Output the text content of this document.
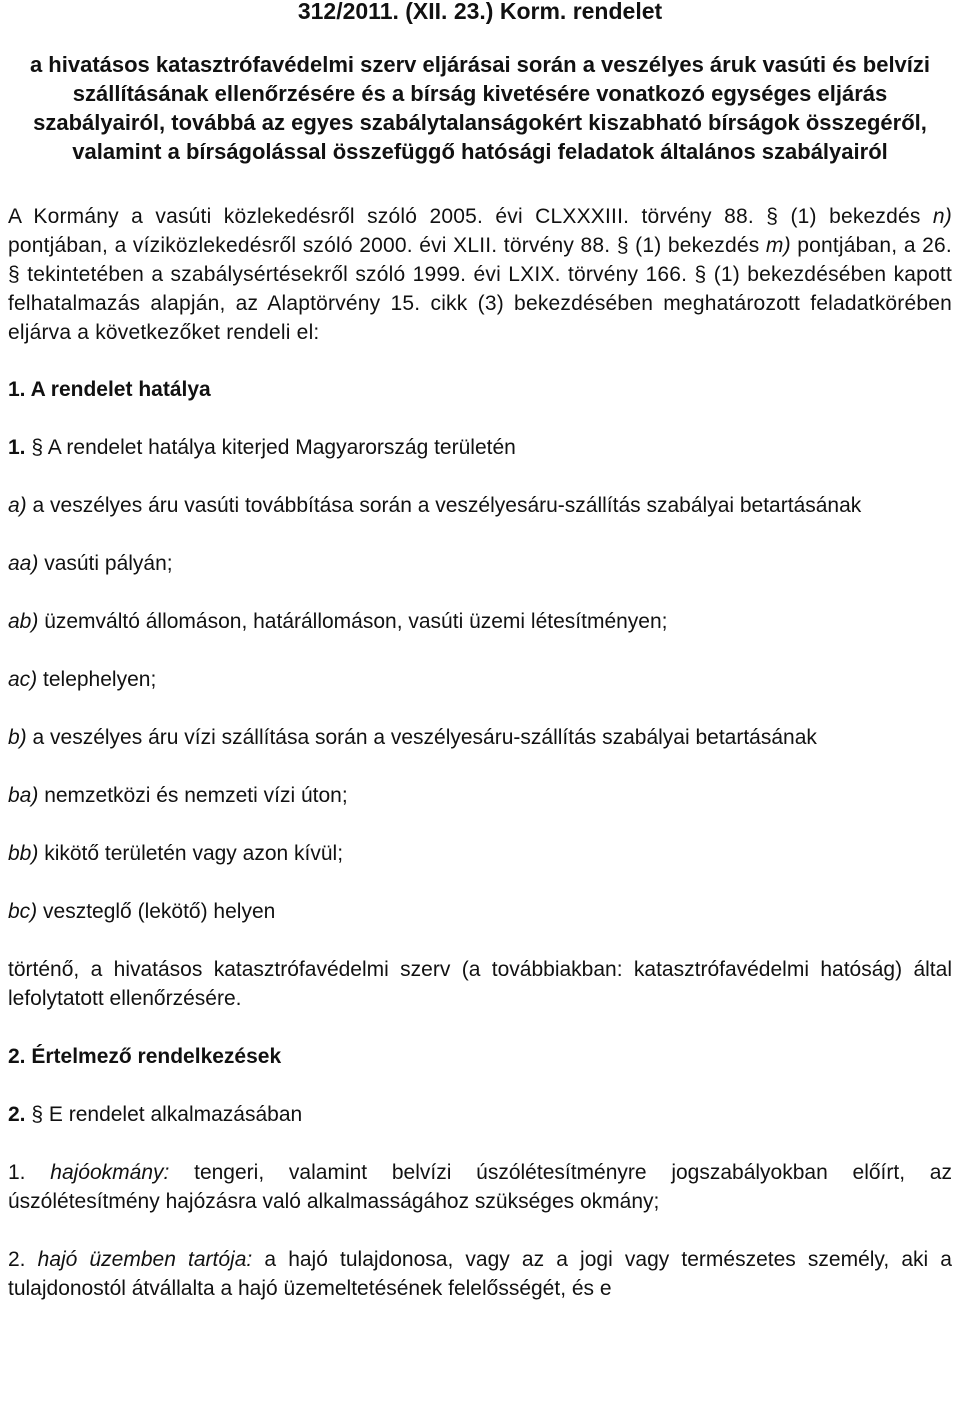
312/2011. (XII. 23.) Korm. rendelet
a hivatásos katasztrófavédelmi szerv eljárásai során a veszélyes áruk vasúti és belvízi szállításának ellenőrzésére és a bírság kivetésére vonatkozó egységes eljárás szabályairól, továbbá az egyes szabálytalanságokért kiszabható bírságok összegéről, valamint a bírságolással összefüggő hatósági feladatok általános szabályairól

A Kormány a vasúti közlekedésről szóló 2005. évi CLXXXIII. törvény 88. § (1) bekezdés n) pontjában, a víziközlekedésről szóló 2000. évi XLII. törvény 88. § (1) bekezdés m) pontjában, a 26. § tekintetében a szabálysértésekről szóló 1999. évi LXIX. törvény 166. § (1) bekezdésében kapott felhatalmazás alapján, az Alaptörvény 15. cikk (3) bekezdésében meghatározott feladatkörében eljárva a következőket rendeli el:

1. A rendelet hatálya

1. § A rendelet hatálya kiterjed Magyarország területén

a) a veszélyes áru vasúti továbbítása során a veszélyesáru-szállítás szabályai betartásának

aa) vasúti pályán;

ab) üzemváltó állomáson, határállomáson, vasúti üzemi létesítményen;

ac) telephelyen;

b) a veszélyes áru vízi szállítása során a veszélyesáru-szállítás szabályai betartásának

ba) nemzetközi és nemzeti vízi úton;

bb) kikötő területén vagy azon kívül;

bc) veszteglő (lekötő) helyen

történő, a hivatásos katasztrófavédelmi szerv (a továbbiakban: katasztrófavédelmi hatóság) által lefolytatott ellenőrzésére.

2. Értelmező rendelkezések

2. § E rendelet alkalmazásában

1. hajóokmány: tengeri, valamint belvízi úszólétesítményre jogszabályokban előírt, az úszólétesítmény hajózásra való alkalmasságához szükséges okmány;

2. hajó üzemben tartója: a hajó tulajdonosa, vagy az a jogi vagy természetes személy, aki a tulajdonostól átvállalta a hajó üzemeltetésének felelősségét, és e
